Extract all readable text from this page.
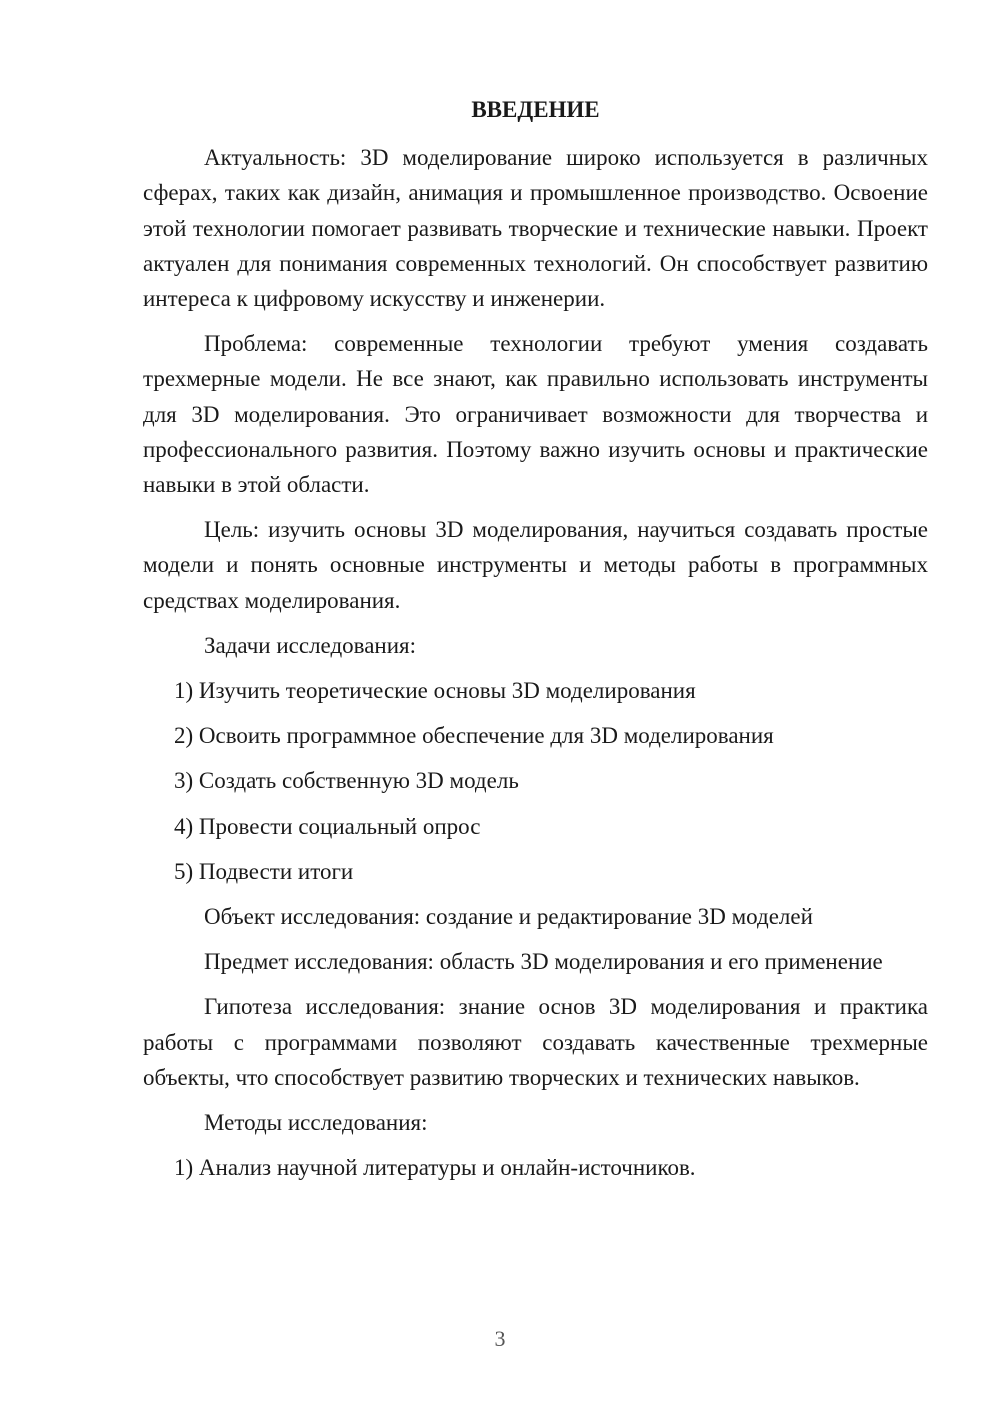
ВВЕДЕНИЕ
Актуальность: 3D моделирование широко используется в различных сферах, таких как дизайн, анимация и промышленное производство. Освоение этой технологии помогает развивать творческие и технические навыки. Проект актуален для понимания современных технологий. Он способствует развитию интереса к цифровому искусству и инженерии.
Проблема: современные технологии требуют умения создавать трехмерные модели. Не все знают, как правильно использовать инструменты для 3D моделирования. Это ограничивает возможности для творчества и профессионального развития. Поэтому важно изучить основы и практические навыки в этой области.
Цель: изучить основы 3D моделирования, научиться создавать простые модели и понять основные инструменты и методы работы в программных средствах моделирования.
Задачи исследования:
1) Изучить теоретические основы 3D моделирования
2) Освоить программное обеспечение для 3D моделирования
3) Создать собственную 3D модель
4) Провести социальный опрос
5) Подвести итоги
Объект исследования: создание и редактирование 3D моделей
Предмет исследования: область 3D моделирования и его применение
Гипотеза исследования: знание основ 3D моделирования и практика работы с программами позволяют создавать качественные трехмерные объекты, что способствует развитию творческих и технических навыков.
Методы исследования:
1) Анализ научной литературы и онлайн-источников.
3
